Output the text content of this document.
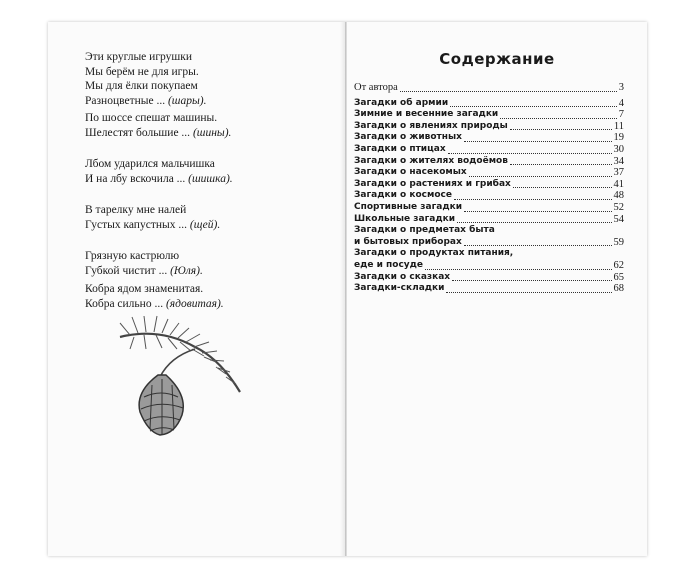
Эти круглые игрушки
Мы берём не для игры.
Мы для ёлки покупаем
Разноцветные ... (шары).
По шоссе спешат машины.
Шелестят большие ... (шины).
Лбом ударился мальчишка
И на лбу вскочила ... (шишка).
В тарелку мне налей
Густых капустных ... (щей).
Грязную кастрюлю
Губкой чистит ... (Юля).
Кобра ядом знаменитая.
Кобра сильно ... (ядовитая).
Содержание
От автора	3
Загадки об армии	4
Зимние и весенние загадки	7
Загадки о явлениях природы	11
Загадки о животных	19
Загадки о птицах	30
Загадки о жителях водоёмов	34
Загадки о насекомых	37
Загадки о растениях и грибах	41
Загадки о космосе	48
Спортивные загадки	52
Школьные загадки	54
Загадки о предметах быта
и бытовых приборах	59
Загадки о продуктах питания,
еде и посуде	62
Загадки о сказках	65
Загадки-складки	68
